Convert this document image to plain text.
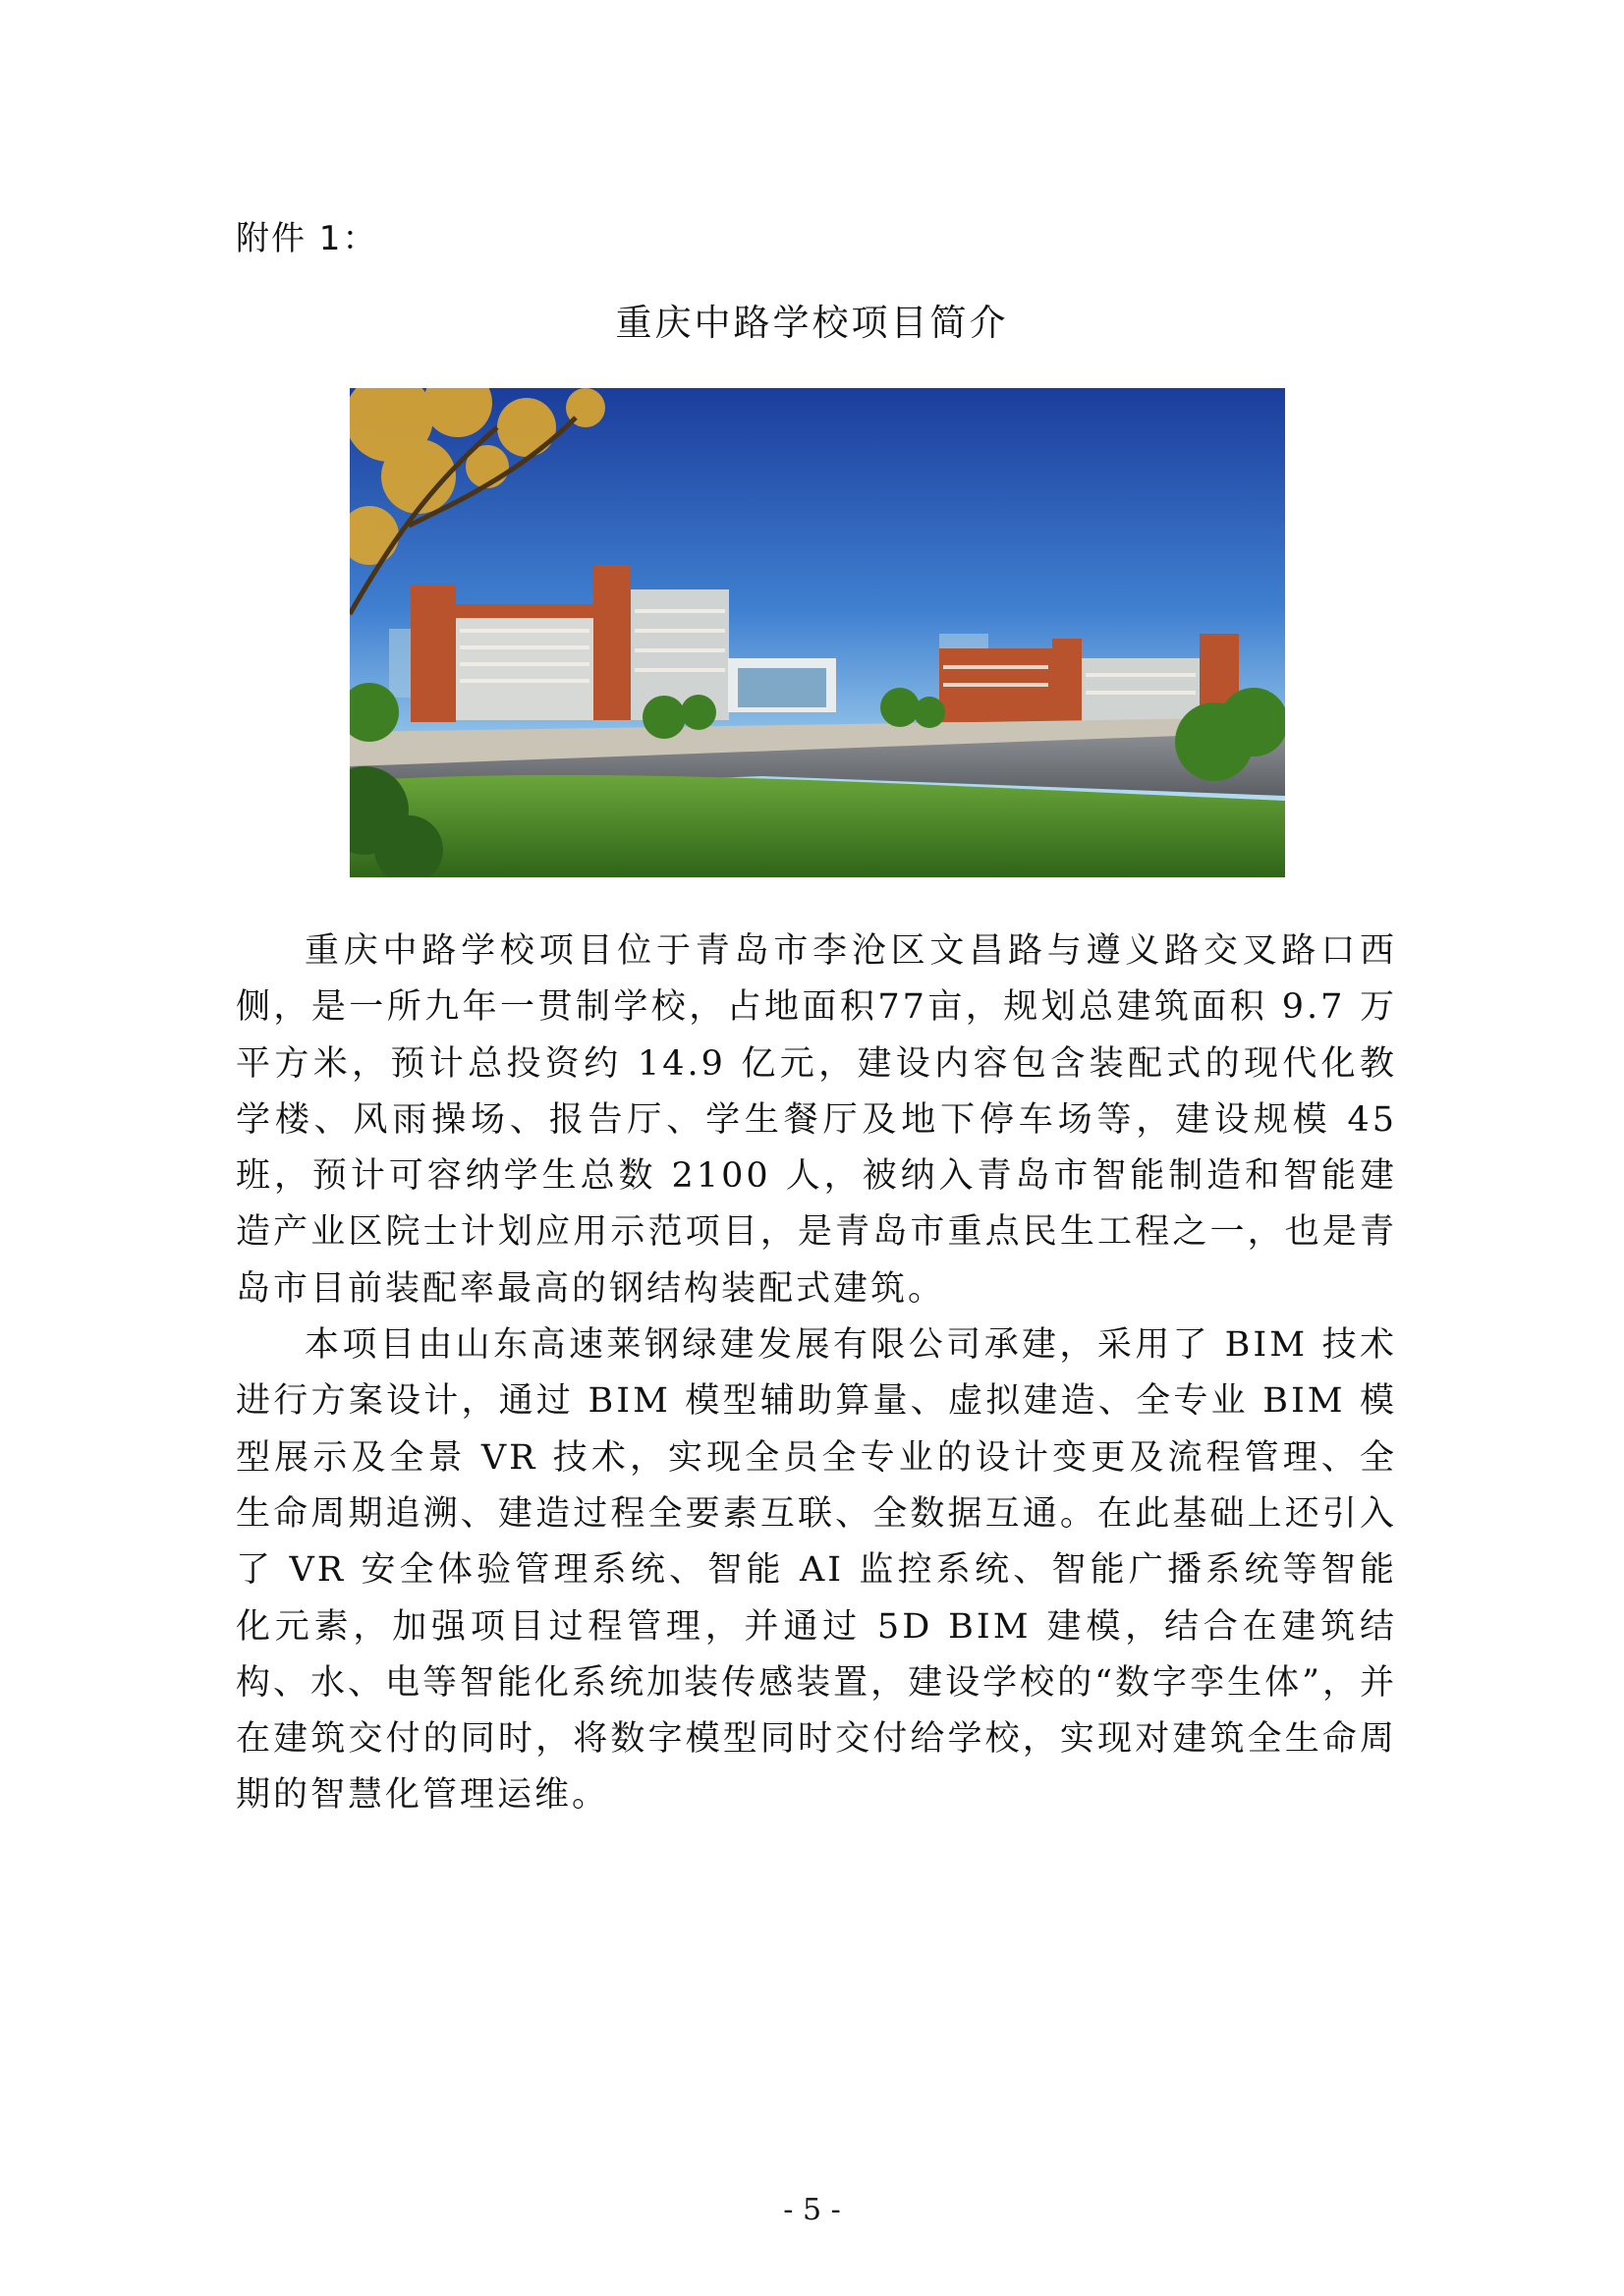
附件 1：
重庆中路学校项目简介

重庆中路学校项目位于青岛市李沧区文昌路与遵义路交叉路口西侧，是一所九年一贯制学校，占地面积77亩，规划总建筑面积 9.7 万平方米，预计总投资约 14.9 亿元，建设内容包含装配式的现代化教学楼、风雨操场、报告厅、学生餐厅及地下停车场等，建设规模 45 班，预计可容纳学生总数 2100 人，被纳入青岛市智能制造和智能建造产业区院士计划应用示范项目，是青岛市重点民生工程之一，也是青岛市目前装配率最高的钢结构装配式建筑。

本项目由山东高速莱钢绿建发展有限公司承建，采用了 BIM 技术进行方案设计，通过 BIM 模型辅助算量、虚拟建造、全专业 BIM 模型展示及全景 VR 技术，实现全员全专业的设计变更及流程管理、全生命周期追溯、建造过程全要素互联、全数据互通。在此基础上还引入了 VR 安全体验管理系统、智能 AI 监控系统、智能广播系统等智能化元素，加强项目过程管理，并通过 5D BIM 建模，结合在建筑结构、水、电等智能化系统加装传感装置，建设学校的“数字孪生体”，并在建筑交付的同时，将数字模型同时交付给学校，实现对建筑全生命周期的智慧化管理运维。

- 5 -
